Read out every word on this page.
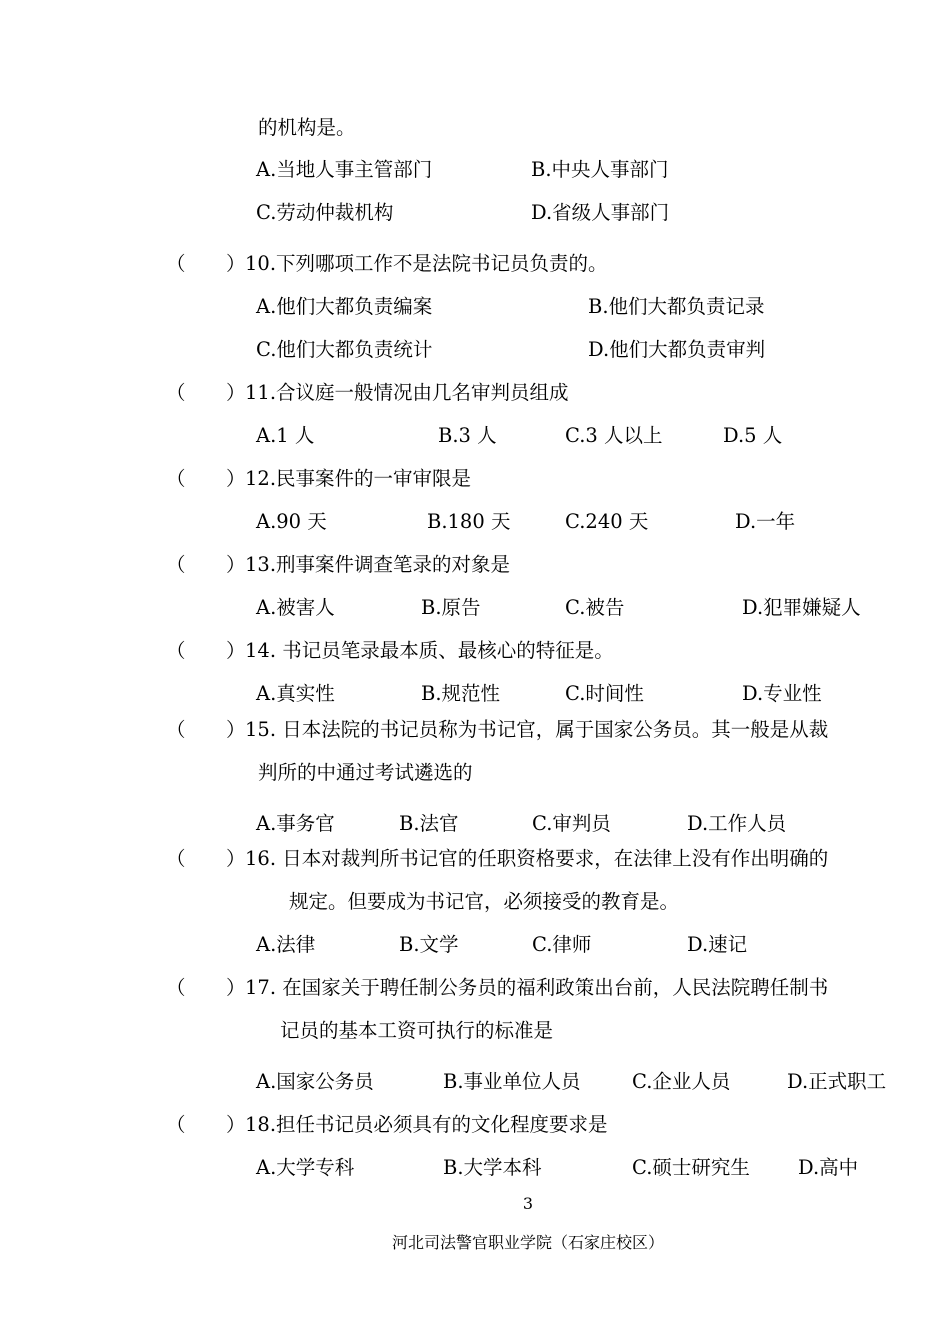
的机构是。
A.当地人事主管部门	B.中央人事部门
C.劳动仲裁机构	D.省级人事部门
（ ） 10.下列哪项工作不是法院书记员负责的。
A.他们大都负责编案	B.他们大都负责记录
C.他们大都负责统计	D.他们大都负责审判
（ ） 11.合议庭一般情况由几名审判员组成
A.1 人	B.3 人	C.3 人以上	D.5 人
（ ） 12.民事案件的一审审限是
A.90 天	B.180 天	C.240 天	D.一年
（ ） 13.刑事案件调查笔录的对象是
A.被害人	B.原告	C.被告	D.犯罪嫌疑人
（ ） 14. 书记员笔录最本质、最核心的特征是。
A.真实性	B.规范性	C.时间性	D.专业性
（ ） 15. 日本法院的书记员称为书记官，属于国家公务员。其一般是从裁
判所的中通过考试遴选的
A.事务官	B.法官	C.审判员	D.工作人员
（ ） 16. 日本对裁判所书记官的任职资格要求，在法律上没有作出明确的
规定。但要成为书记官，必须接受的教育是。
A.法律	B.文学	C.律师	D.速记
（ ） 17. 在国家关于聘任制公务员的福利政策出台前，人民法院聘任制书
记员的基本工资可执行的标准是
A.国家公务员	B.事业单位人员	C.企业人员	D.正式职工
（ ） 18.担任书记员必须具有的文化程度要求是
A.大学专科	B.大学本科	C.硕士研究生 D.高中
3
河北司法警官职业学院（石家庄校区）
